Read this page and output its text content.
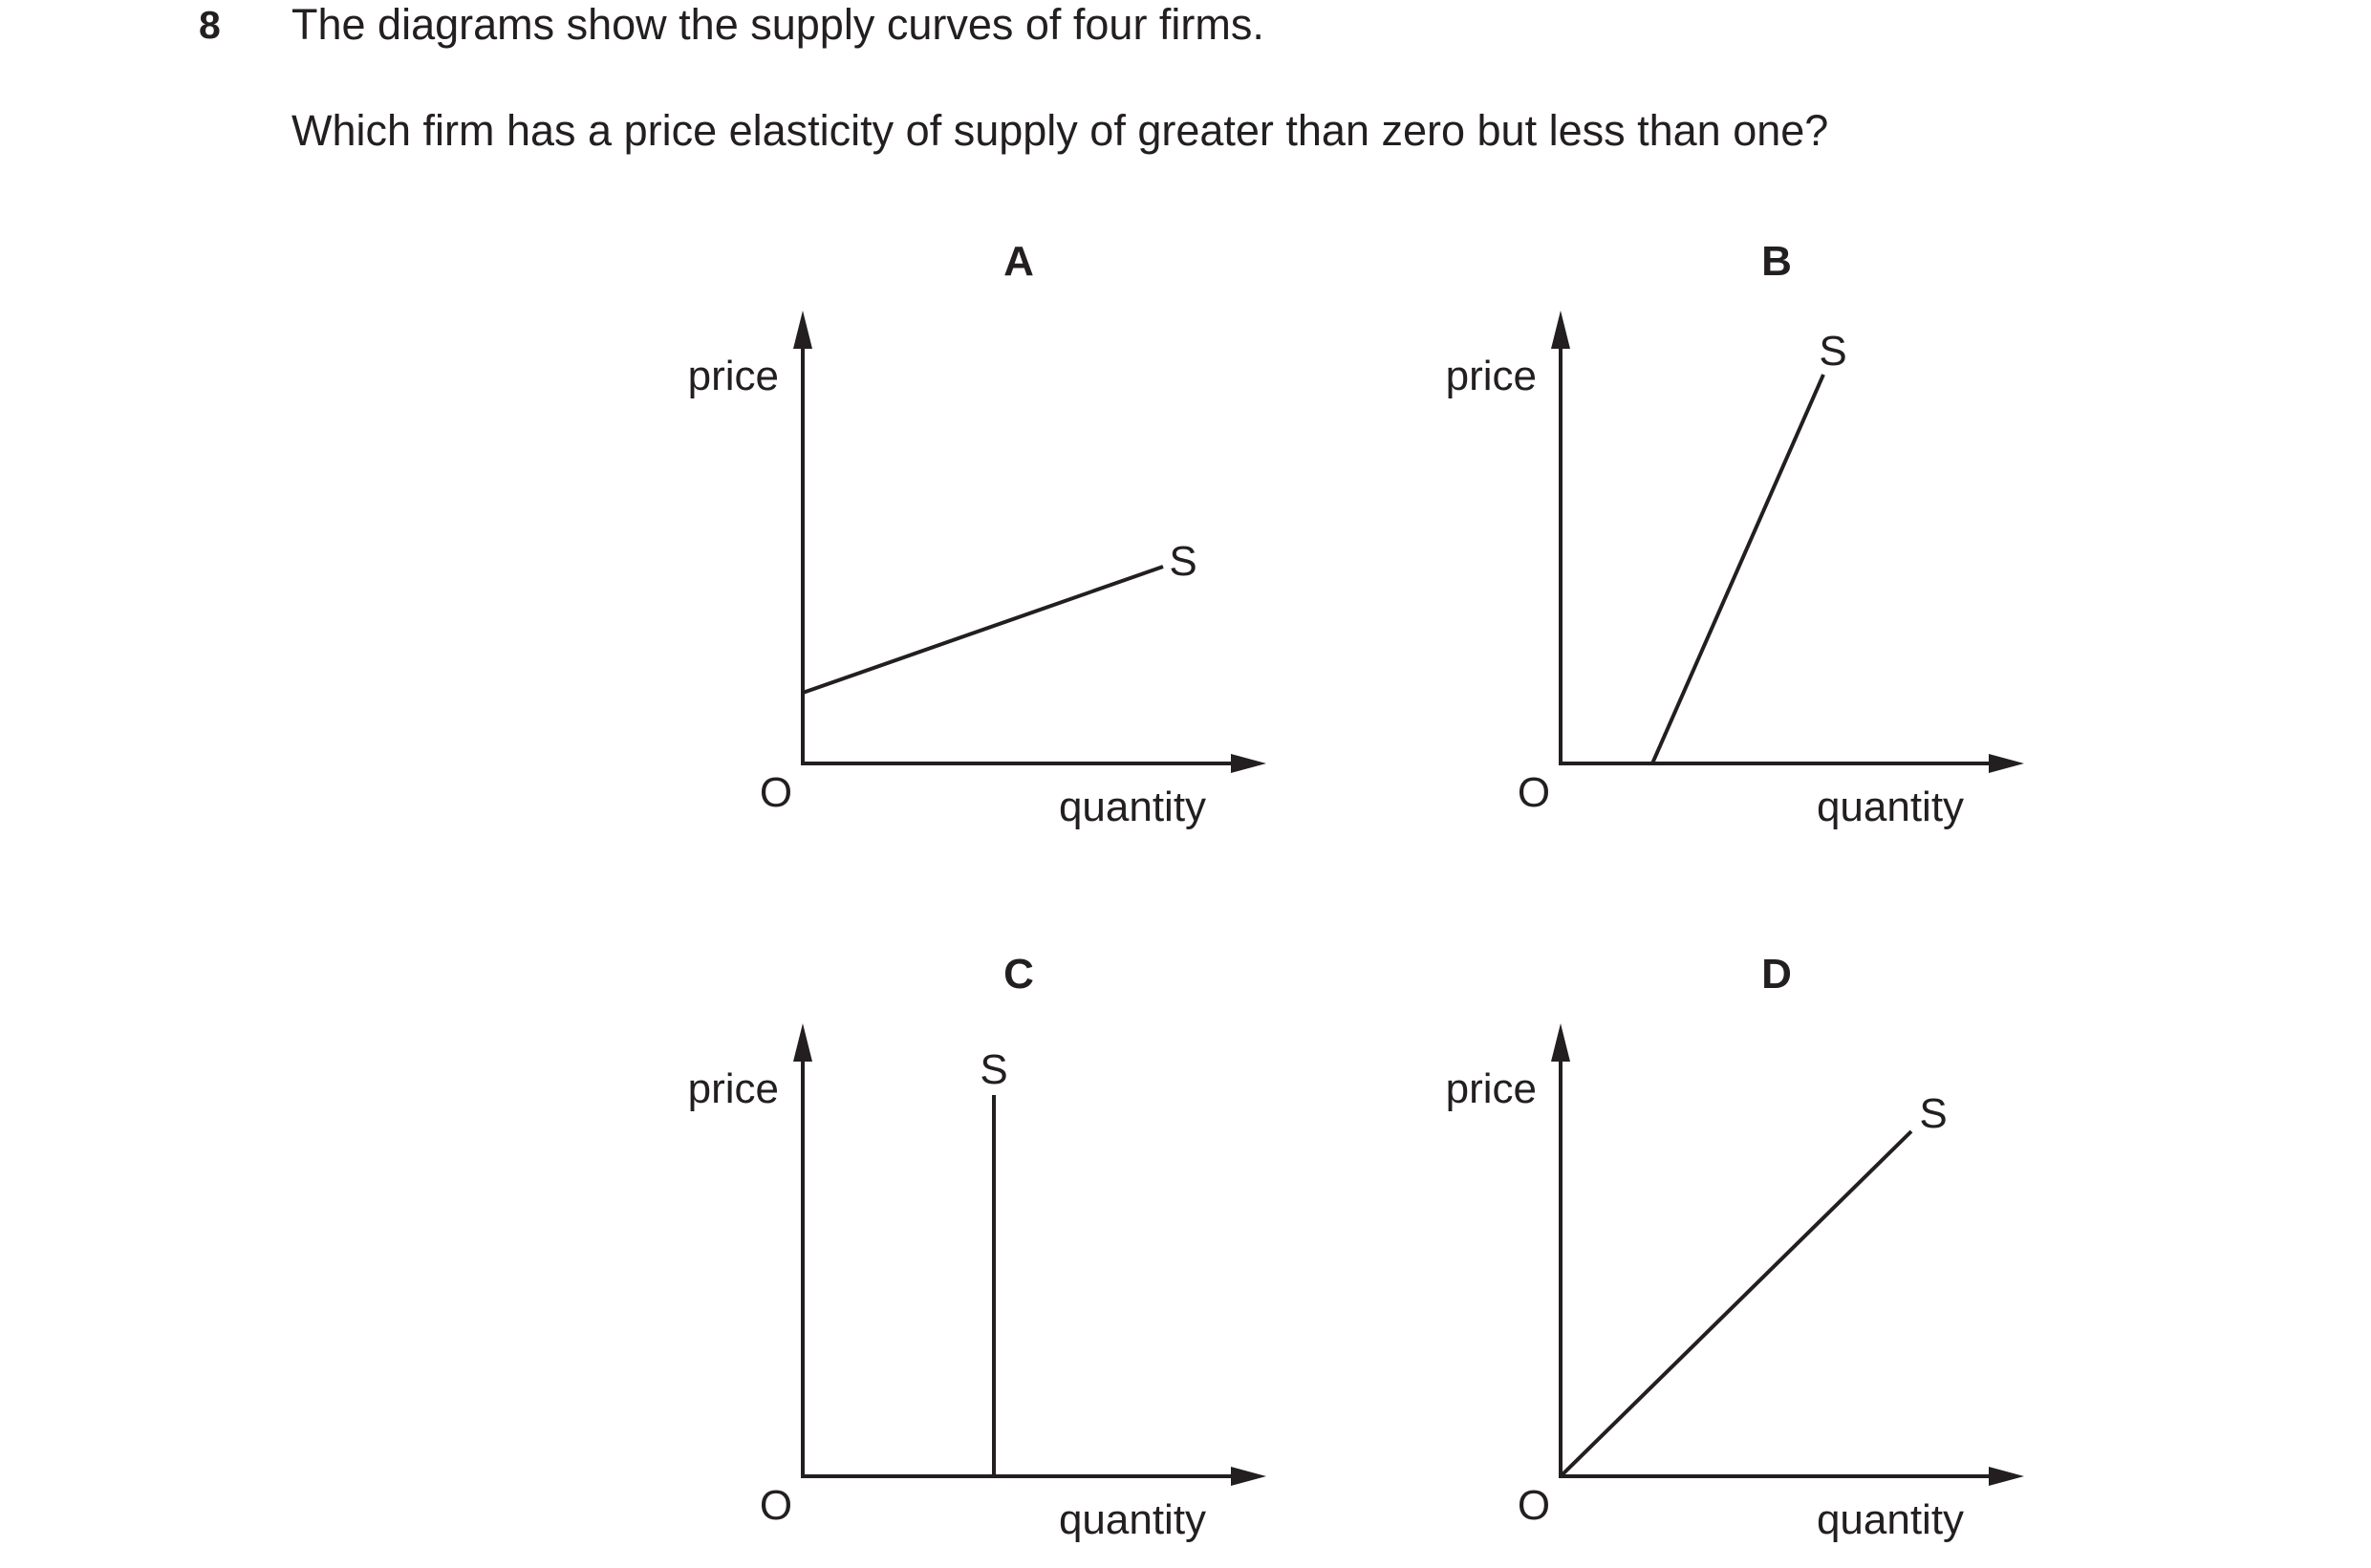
8 The diagrams show the supply curves of four firms.
Which firm has a price elasticity of supply of greater than zero but less than one?
A
price
O	quantity
S
B
price
O	quantity
S
C
price
O	quantity
S
D
price
O	quantity
S
